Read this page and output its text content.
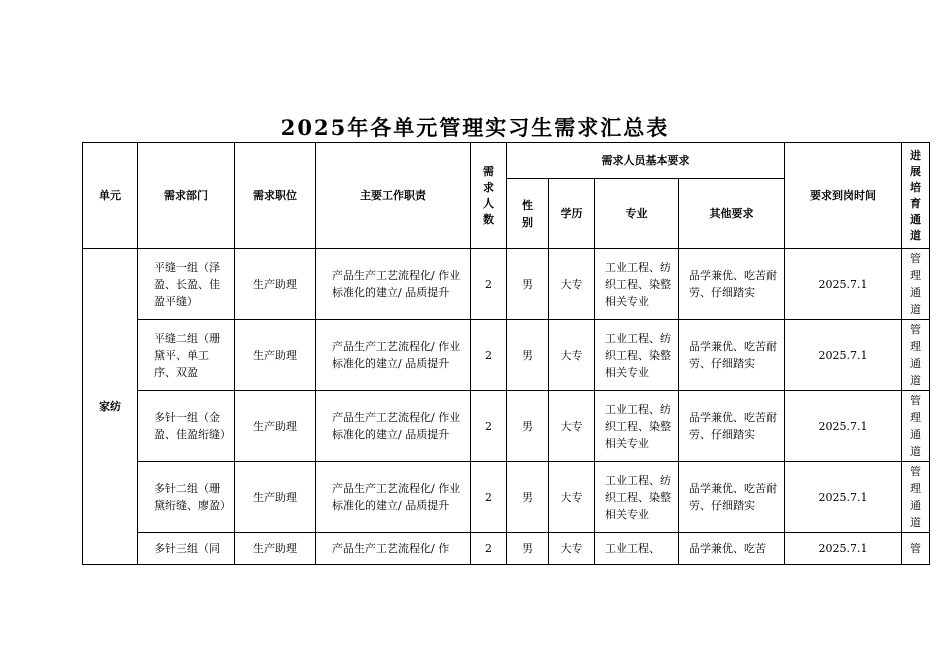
2025年各单元管理实习生需求汇总表
单元	需求部门	需求职位	主要工作职责	需求人数	需求人员基本要求				要求到岗时间	进展培育通道

					性别	学历	专业	其他要求		
家纺	平缝一组（泽盈、长盈、佳盈平缝）	生产助理	产品生产工艺流程化/ 作业标准化的建立/ 品质提升	2	男	大专	工业工程、纺织工程、染整相关专业	品学兼优、吃苦耐劳、仔细踏实	2025.7.1	管理通道

	平缝二组（珊黛平、单工序、双盈	生产助理	产品生产工艺流程化/ 作业标准化的建立/ 品质提升	2	男	大专	工业工程、纺织工程、染整相关专业	品学兼优、吃苦耐劳、仔细踏实	2025.7.1	管理通道

	多针一组（金盈、佳盈绗缝）	生产助理	产品生产工艺流程化/ 作业标准化的建立/ 品质提升	2	男	大专	工业工程、纺织工程、染整相关专业	品学兼优、吃苦耐劳、仔细踏实	2025.7.1	管理通道

	多针二组（珊黛绗缝、廖盈）	生产助理	产品生产工艺流程化/ 作业标准化的建立/ 品质提升	2	男	大专	工业工程、纺织工程、染整相关专业	品学兼优、吃苦耐劳、仔细踏实	2025.7.1	管理通道

	多针三组（同	生产助理	产品生产工艺流程化/ 作	2	男	大专	工业工程、	品学兼优、吃苦	2025.7.1	管
